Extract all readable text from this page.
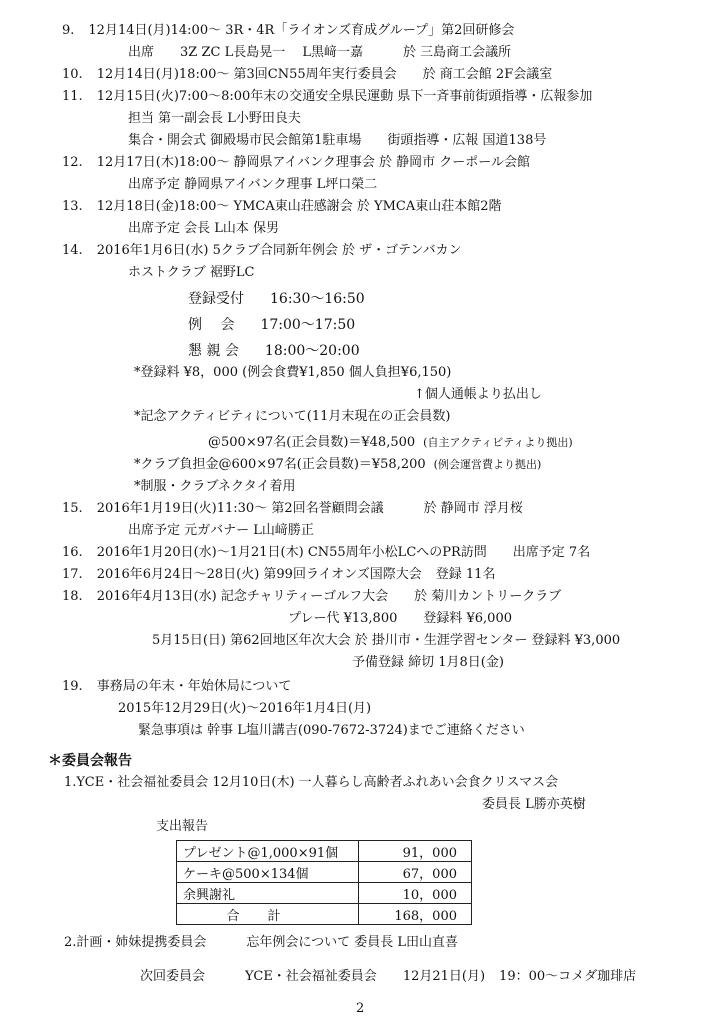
9. 12月14日(月)14:00～ 3R・4R「ライオンズ育成グループ」第2回研修会

出席 3Z ZC L長島晃一　 L黒﨑一嘉	於 三島商工会議所

10. 12月14日(月)18:00～ 第3回CN55周年実行委員会 於 商工会館 2F会議室

11. 12月15日(火)7:00～8:00年末の交通安全県民運動 県下一斉事前街頭指導・広報参加

担当 第一副会長 L小野田良夫

集合・開会式 御殿場市民会館第1駐車場 街頭指導・広報 国道138号

12. 12月17日(木)18:00～ 静岡県アイバンク理事会 於 静岡市 クーポール会館

出席予定 静岡県アイバンク理事 L坪口榮二

13. 12月18日(金)18:00～ YMCA東山荘感謝会 於 YMCA東山荘本館2階

出席予定 会長 L山本 保男

14. 2016年1月6日(水) 5クラブ合同新年例会 於 ザ・ゴテンバカン

ホストクラブ 裾野LC

登録受付 16:30～16:50

例　 会 17:00～17:50

懇 親 会 18:00～20:00

*登録料 ¥8，000 (例会食費¥1,850 個人負担¥6,150)

↑個人通帳より払出し

*記念アクティビティについて(11月末現在の正会員数)

@500×97名(正会員数)＝¥48,500 (自主アクティビティより拠出)

*クラブ負担金@600×97名(正会員数)＝¥58,200 (例会運営費より拠出)

*制服・クラブネクタイ着用

15. 2016年1月19日(火)11:30～ 第2回名誉顧問会議	於 静岡市 浮月桜

出席予定 元ガバナー L山﨑勝正

16. 2016年1月20日(水)～1月21日(木) CN55周年小松LCへのPR訪問 出席予定 7名

17. 2016年6月24日～28日(火) 第99回ライオンズ国際大会 登録 11名

18. 2016年4月13日(水) 記念チャリティーゴルフ大会 於 菊川カントリークラブ

プレー代 ¥13,800 登録料 ¥6,000

5月15日(日) 第62回地区年次大会 於 掛川市・生涯学習センター 登録料 ¥3,000

予備登録 締切 1月8日(金)

19. 事務局の年末・年始休局について

2015年12月29日(火)～2016年1月4日(月)

緊急事項は 幹事 L塩川講吉(090-7672-3724)までご連絡ください

＊委員会報告

1.YCE・社会福祉委員会 12月10日(木) 一人暮らし高齢者ふれあい会食クリスマス会

委員長 L勝亦英樹

支出報告

プレゼント@1,000×91個	91，000
ケーキ@500×134個	67，000
余興謝礼	10，000
合計	168，000

2.計画・姉妹提携委員会	忘年例会について 委員長 L田山直喜

次回委員会	YCE・社会福祉委員会 12月21日(月) 19：00～コメダ珈琲店

2
